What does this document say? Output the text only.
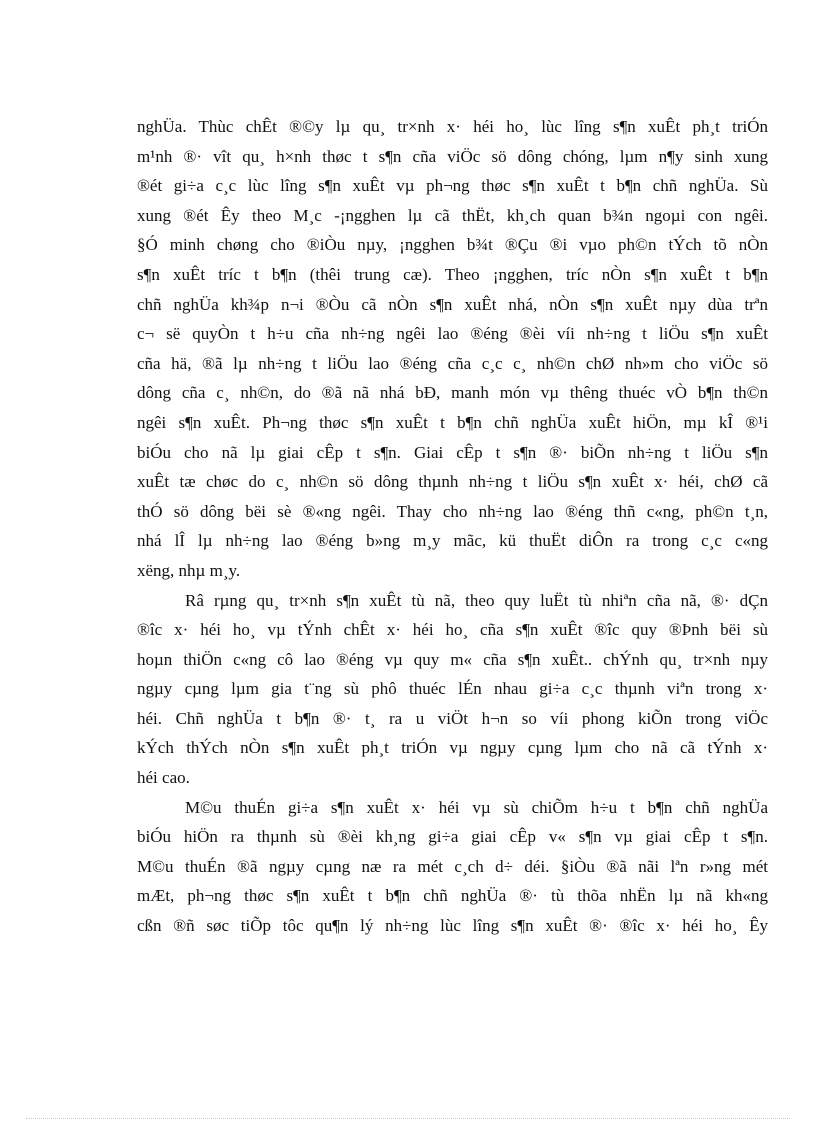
nghÜa. Thùc chÊt ®©y lµ qu¸ tr×nh x· héi ho¸ lùc lîng s¶n xuÊt ph¸t triÓn
m¹nh ®· vît qu¸ h×nh thøc t s¶n cña viÖc sö dông chóng, lµm n¶y sinh xung
®ét gi÷a c¸c lùc lîng s¶n xuÊt vµ ph¬ng thøc s¶n xuÊt t b¶n chñ nghÜa. Sù
xung ®ét Êy theo M¸c -¡ngghen lµ cã thËt, kh¸ch quan b¾n ngoµi con ngêi.
§Ó minh chøng cho ®iÒu nµy, ¡ngghen b¾t ®Çu ®i vµo ph©n tÝch tõ nÒn
s¶n xuÊt tríc t b¶n (thêi trung cæ). Theo ¡ngghen, tríc nÒn s¶n xuÊt t b¶n
chñ nghÜa kh¾p n¬i ®Òu cã nÒn s¶n xuÊt nhá, nÒn s¶n xuÊt nµy dùa trªn
c¬ së quyÒn t h÷u cña nh÷ng ngêi lao ®éng ®èi víi nh÷ng t liÖu s¶n xuÊt
cña hä, ®ã lµ nh÷ng t liÖu lao ®éng cña c¸c c¸ nh©n chØ nh»m cho viÖc sö
dông cña c¸ nh©n, do ®ã nã nhá bÐ, manh món vµ thêng thuéc vÒ b¶n th©n
ngêi s¶n xuÊt. Ph¬ng thøc s¶n xuÊt t b¶n chñ nghÜa xuÊt hiÖn, mµ kÎ ®¹i
biÓu cho nã lµ giai cÊp t s¶n. Giai cÊp t s¶n ®· biÕn nh÷ng t liÖu s¶n
xuÊt tæ chøc do c¸ nh©n sö dông thµnh nh÷ng t liÖu s¶n xuÊt x· héi, chØ cã
thÓ sö dông bëi sè ®«ng ngêi. Thay cho nh÷ng lao ®éng thñ c«ng, ph©n t¸n,
nhá lÎ lµ nh÷ng lao ®éng b»ng m¸y mãc, kü thuËt diÔn ra trong c¸c c«ng
xëng, nhµ m¸y.
Râ rµng qu¸ tr×nh s¶n xuÊt tù nã, theo quy luËt tù nhiªn cña nã, ®· dÇn
®îc x· héi ho¸ vµ tÝnh chÊt x· héi ho¸ cña s¶n xuÊt ®îc quy ®Þnh bëi sù
hoµn thiÖn c«ng cô lao ®éng vµ quy m« cña s¶n xuÊt.. chÝnh qu¸ tr×nh nµy
ngµy cµng lµm gia t¨ng sù phô thuéc lÉn nhau gi÷a c¸c thµnh viªn trong x·
héi. Chñ nghÜa t b¶n ®· t¸ ra u viÖt h¬n so víi phong kiÕn trong viÖc
kÝch thÝch nÒn s¶n xuÊt ph¸t triÓn vµ ngµy cµng lµm cho nã cã tÝnh x·
héi cao.
M©u thuÉn gi÷a s¶n xuÊt x· héi vµ sù chiÕm h÷u t b¶n chñ nghÜa
biÓu hiÖn ra thµnh sù ®èi kh¸ng gi÷a giai cÊp v« s¶n vµ giai cÊp t s¶n.
M©u thuÉn ®ã ngµy cµng næ ra mét c¸ch d÷ déi. §iÒu ®ã nãi lªn r»ng mét
mÆt, ph¬ng thøc s¶n xuÊt t b¶n chñ nghÜa ®· tù thõa nhËn lµ nã kh«ng
cßn ®ñ søc tiÕp tôc qu¶n lý nh÷ng lùc lîng s¶n xuÊt ®· ®îc x· héi ho¸ Êy
